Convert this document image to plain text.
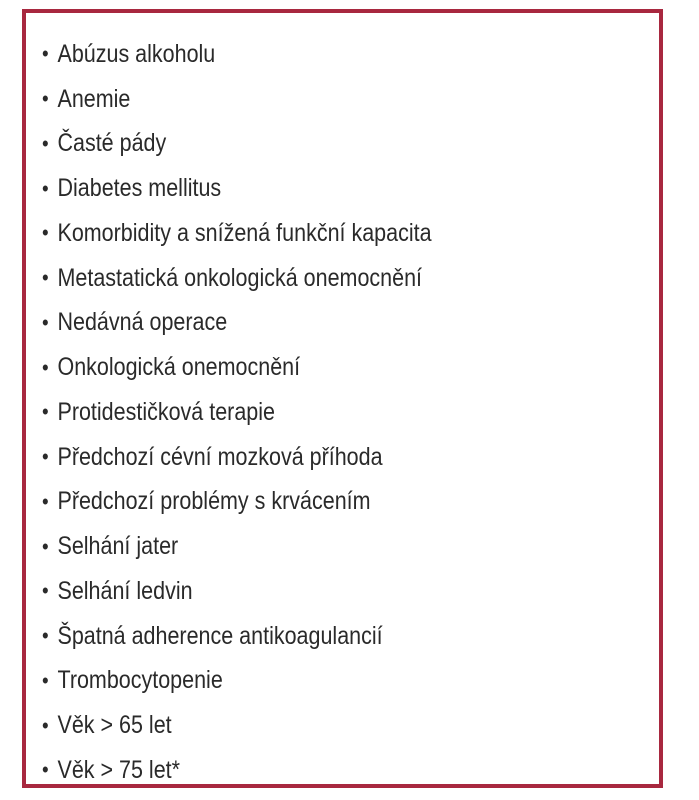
• Abúzus alkoholu
• Anemie
• Časté pády
• Diabetes mellitus
• Komorbidity a snížená funkční kapacita
• Metastatická onkologická onemocnění
• Nedávná operace
• Onkologická onemocnění
• Protidestičková terapie
• Předchozí cévní mozková příhoda
• Předchozí problémy s krvácením
• Selhání jater
• Selhání ledvin
• Špatná adherence antikoagulancií
• Trombocytopenie
• Věk > 65 let
• Věk > 75 let*
